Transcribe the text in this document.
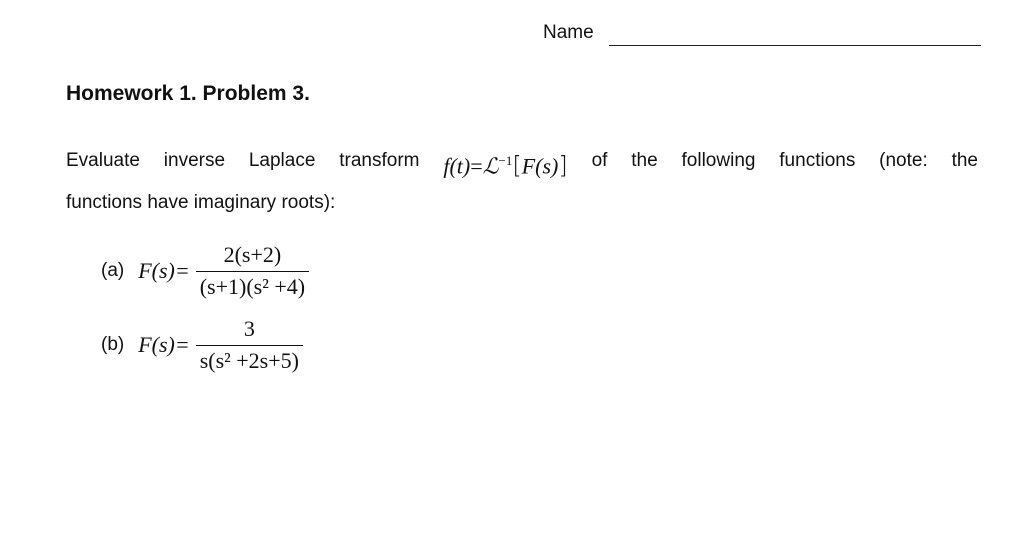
Name
Homework 1. Problem 3.
Evaluate inverse Laplace transform f(t)=ℒ$^{-1}$[F(s)] of the following functions (note: the
functions have imaginary roots):
(a) $F(s)= \frac{2(s+2)}{\text{(s+1)(s² +4)}}$
(b) $F(s)= \frac{3}{\text{s(s² +2s+5)}}$
